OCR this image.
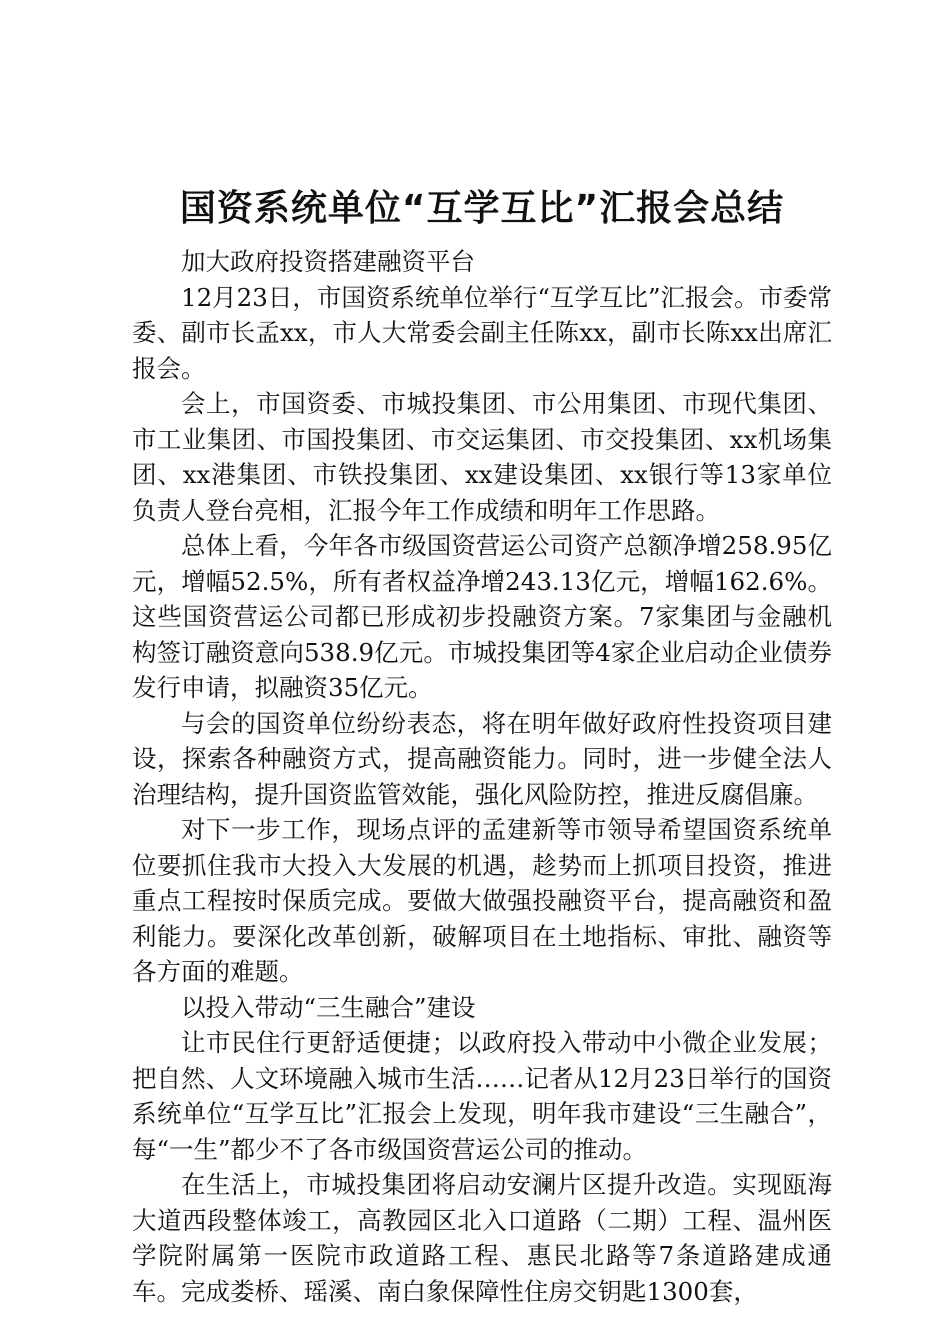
国资系统单位“互学互比”汇报会总结

加大政府投资搭建融资平台

12月23日，市国资系统单位举行“互学互比”汇报会。市委常委、副市长孟xx，市人大常委会副主任陈xx，副市长陈xx出席汇报会。

会上，市国资委、市城投集团、市公用集团、市现代集团、市工业集团、市国投集团、市交运集团、市交投集团、xx机场集团、xx港集团、市铁投集团、xx建设集团、xx银行等13家单位负责人登台亮相，汇报今年工作成绩和明年工作思路。

总体上看，今年各市级国资营运公司资产总额净增258.95亿元，增幅52.5%，所有者权益净增243.13亿元，增幅162.6%。这些国资营运公司都已形成初步投融资方案。7家集团与金融机构签订融资意向538.9亿元。市城投集团等4家企业启动企业债券发行申请，拟融资35亿元。

与会的国资单位纷纷表态，将在明年做好政府性投资项目建设，探索各种融资方式，提高融资能力。同时，进一步健全法人治理结构，提升国资监管效能，强化风险防控，推进反腐倡廉。

对下一步工作，现场点评的孟建新等市领导希望国资系统单位要抓住我市大投入大发展的机遇，趁势而上抓项目投资，推进重点工程按时保质完成。要做大做强投融资平台，提高融资和盈利能力。要深化改革创新，破解项目在土地指标、审批、融资等各方面的难题。

以投入带动“三生融合”建设

让市民住行更舒适便捷；以政府投入带动中小微企业发展；把自然、人文环境融入城市生活……记者从12月23日举行的国资系统单位“互学互比”汇报会上发现，明年我市建设“三生融合”，每“一生”都少不了各市级国资营运公司的推动。

在生活上，市城投集团将启动安澜片区提升改造。实现瓯海大道西段整体竣工，高教园区北入口道路（二期）工程、温州医学院附属第一医院市政道路工程、惠民北路等7条道路建成通车。完成娄桥、瑶溪、南白象保障性住房交钥匙1300套，
